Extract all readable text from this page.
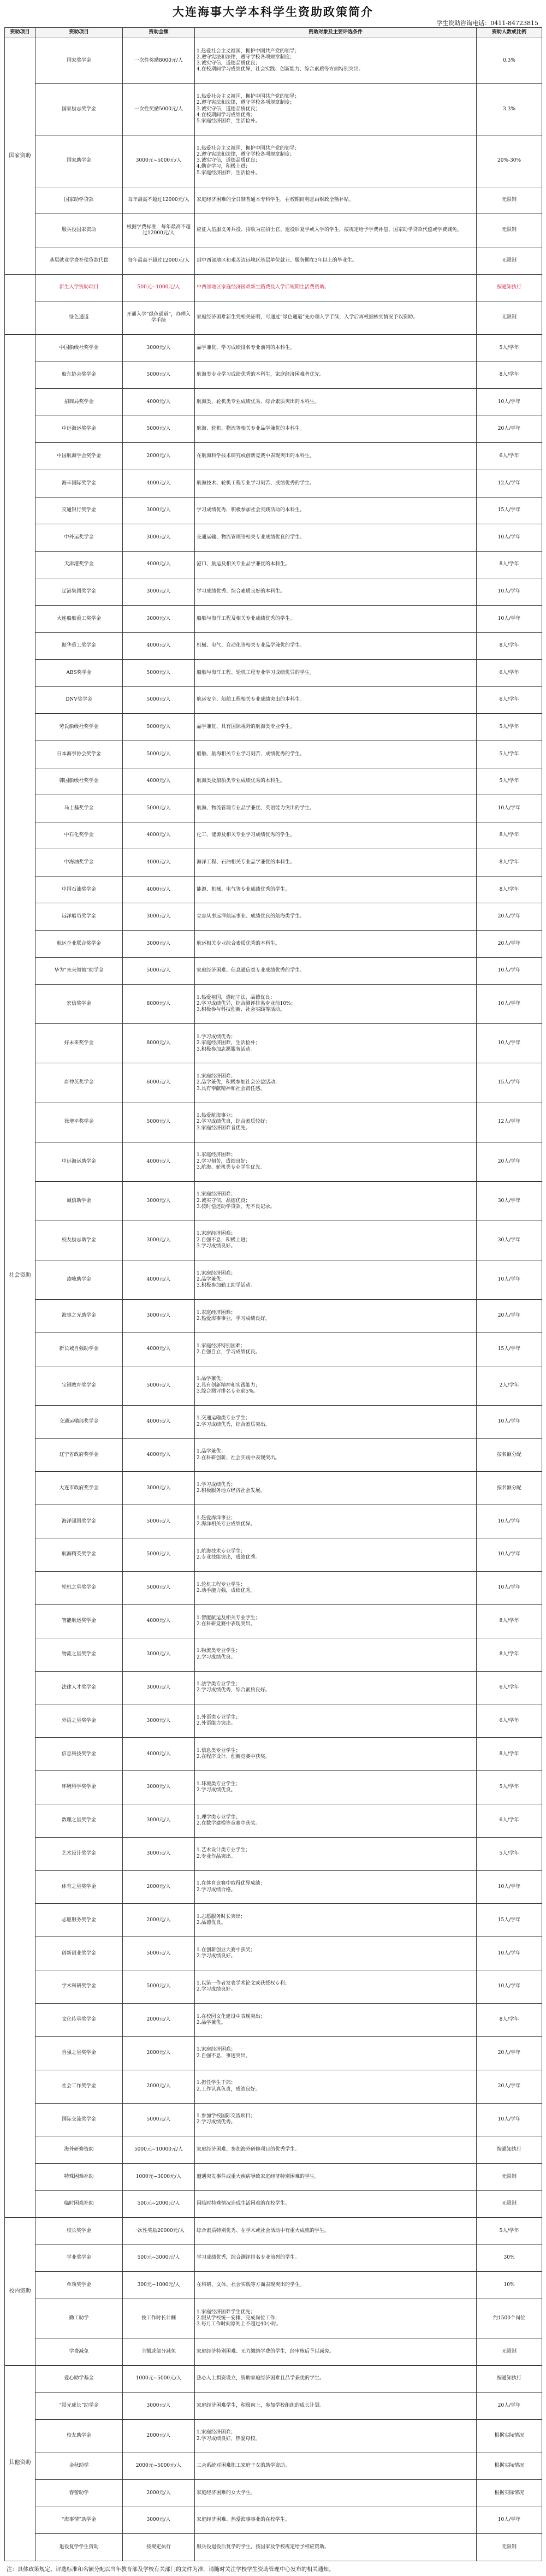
大连海事大学本科学生资助政策简介
学生资助咨询电话：0411-84723815
资助项目	资助项目	资助金额	资助对象及主要评选条件	资助人数或比例
国家资助	国家奖学金	一次性奖励8000元/人	1.热爱社会主义祖国，拥护中国共产党的领导；
2.遵守宪法和法律，遵守学校各项规章制度；
3.诚实守信，道德品质优良；
4.在校期间学习成绩优异，社会实践、创新能力、综合素质等方面特别突出。	0.3%
	国家励志奖学金	一次性奖励5000元/人	1.热爱社会主义祖国，拥护中国共产党的领导；
2.遵守宪法和法律，遵守学校各项规章制度；
3.诚实守信，道德品质优良；
4.在校期间学习成绩优秀；
5.家庭经济困难，生活俭朴。	3.3%
	国家助学金	3000元~5000元/人	1.热爱社会主义祖国，拥护中国共产党的领导；
2.遵守宪法和法律，遵守学校各项规章制度；
3.诚实守信，道德品质优良；
4.勤奋学习，积极上进；
5.家庭经济困难，生活俭朴。	20%-30%
	国家助学贷款	每年最高不超过12000元/人	家庭经济困难的全日制普通本专科学生，在校期间利息由财政全额补贴。	无限制
	服兵役国家资助	根据学费标准，每年最高不超过12000元/人	应征入伍服义务兵役、招收为直招士官、退役后复学或入学的学生，按规定给予学费补偿、国家助学贷款代偿或学费减免。	无限制
	基层就业学费补偿贷款代偿	每年最高不超过12000元/人	到中西部地区和艰苦边远地区基层单位就业、服务期在3年以上的毕业生。	无限制
	新生入学资助项目	500元~1000元/人	中西部地区家庭经济困难新生路费及入学后短期生活费资助。	按通知执行
	绿色通道	开通入学“绿色通道”，办理入学手续	家庭经济困难新生凭相关证明，可通过“绿色通道”先办理入学手续，入学后再根据核实情况予以资助。	无限制
社会资助	中国船级社奖学金	3000元/人	品学兼优、学习成绩排名专业前列的本科生。	5人/学年
	船东协会奖学金	5000元/人	航海类专业学习成绩优秀的本科生，家庭经济困难者优先。	8人/学年
	招商局奖学金	4000元/人	航海类、轮机类专业成绩优秀、综合素质突出的本科生。	10人/学年
	中远海运奖学金	5000元/人	航海、轮机、物流等相关专业品学兼优的本科生。	20人/学年
	中国航海学会奖学金	2000元/人	在航海科学技术研究或创新竞赛中表现突出的本科生。	6人/学年
	海丰国际奖学金	4000元/人	航海技术、轮机工程专业学习刻苦、成绩优秀的学生。	12人/学年
	交通银行奖学金	3000元/人	学习成绩优秀，积极参加社会实践活动的本科生。	15人/学年
	中外运奖学金	3000元/人	交通运输、物流管理等相关专业成绩优良的学生。	10人/学年
	天津港奖学金	4000元/人	港口、航运及相关专业品学兼优的本科生。	8人/学年
	辽港集团奖学金	3000元/人	学习成绩优秀、综合素质良好的本科生。	10人/学年
	大连船舶重工奖学金	3000元/人	船舶与海洋工程及相关专业成绩优秀的学生。	10人/学年
	振华重工奖学金	4000元/人	机械、电气、自动化等相关专业品学兼优的学生。	8人/学年
	ABS奖学金	5000元/人	船舶与海洋工程、轮机工程专业学习成绩优异的学生。	6人/学年
	DNV奖学金	5000元/人	航运安全、船舶工程相关专业成绩突出的本科生。	6人/学年
	劳氏船级社奖学金	5000元/人	品学兼优、具有国际视野的航海类专业学生。	5人/学年
	日本海事协会奖学金	5000元/人	船舶、航海相关专业学习刻苦、成绩优秀的学生。	5人/学年
	韩国船级社奖学金	4000元/人	航海类及船舶类专业成绩优秀的本科生。	5人/学年
	马士基奖学金	5000元/人	航海、物流管理专业品学兼优、英语能力突出的学生。	10人/学年
	中石化奖学金	4000元/人	化工、能源及相关专业学习成绩优秀的学生。	8人/学年
	中海油奖学金	4000元/人	海洋工程、石油相关专业品学兼优的本科生。	8人/学年
	中国石油奖学金	4000元/人	能源、机械、电气等专业成绩优秀的学生。	8人/学年
	远洋船员奖学金	3000元/人	立志从事远洋航运事业、成绩优良的航海类学生。	20人/学年
	航运企业联合奖学金	3000元/人	航运相关专业综合素质优秀的本科生。	20人/学年
	华为“未来领袖”助学金	5000元/人	家庭经济困难、信息通信类专业成绩优秀的学生。	10人/学年
	宏信奖学金	8000元/人	1.热爱祖国，遵纪守法，品德优良；
2.学习成绩优异，综合测评排名专业前10%；
3.积极参与科技创新、社会实践等活动。	10人/学年
	好未来奖学金	8000元/人	1.学习成绩优秀；
2.家庭经济困难，生活俭朴；
3.积极参加志愿服务活动。	10人/学年
	唐仲英奖学金	6000元/人	1.家庭经济困难；
2.品学兼优，积极参加社会公益活动；
3.具有奉献精神和社会责任感。	15人/学年
	徐增平奖学金	5000元/人	1.热爱航海事业；
2.学习成绩优良，综合素质较好；
3.家庭经济困难者优先。	12人/学年
	中远海运助学金	4000元/人	1.家庭经济困难；
2.学习刻苦，成绩良好；
3.航海、轮机类专业学生优先。	20人/学年
	诚信助学金	3000元/人	1.家庭经济困难；
2.诚实守信，品德优良；
3.按时偿还助学贷款，无不良记录。	30人/学年
	校友励志助学金	3000元/人	1.家庭经济困难；
2.自强不息，积极上进；
3.学习成绩良好。	30人/学年
	凌峰助学金	4000元/人	1.家庭经济困难；
2.品学兼优；
3.积极参加勤工助学活动。	10人/学年
	海事之光助学金	3000元/人	1.家庭经济困难；
2.热爱海事事业，学习成绩良好。	20人/学年
	新长城自强助学金	4000元/人	1.家庭经济特别困难；
2.自强自立，学习成绩优良。	15人/学年
	宝钢教育奖学金	5000元/人	1.品学兼优；
2.具有创新精神和实践能力；
3.综合测评排名专业前5%。	2人/学年
	交通运输部奖学金	4000元/人	1.交通运输类专业学生；
2.学习成绩优秀，综合素质突出。	10人/学年
	辽宁省政府奖学金	4000元/人	1.品学兼优；
2.在科研创新、社会实践中表现突出。	按名额分配
	大连市政府奖学金	3000元/人	1.学习成绩优秀；
2.积极服务地方经济社会发展。	按名额分配
	海洋强国奖学金	5000元/人	1.热爱海洋事业；
2.海洋相关专业成绩优异。	10人/学年
	航海精英奖学金	5000元/人	1.航海技术专业学生；
2.专业技能突出，成绩优秀。	10人/学年
	轮机之星奖学金	5000元/人	1.轮机工程专业学生；
2.动手能力强，成绩优秀。	10人/学年
	智能航运奖学金	4000元/人	1.智能航运及相关专业学生；
2.在科研竞赛中表现突出。	8人/学年
	物流之星奖学金	3000元/人	1.物流类专业学生；
2.学习成绩优良。	8人/学年
	法律人才奖学金	3000元/人	1.法学类专业学生；
2.学习成绩优秀，综合素质良好。	6人/学年
	外语之星奖学金	3000元/人	1.外语类专业学生；
2.外语能力突出。	6人/学年
	信息科技奖学金	4000元/人	1.信息类专业学生；
2.在程序设计、创新竞赛中获奖。	8人/学年
	环境科学奖学金	3000元/人	1.环境类专业学生；
2.学习成绩优良。	5人/学年
	数理之星奖学金	3000元/人	1.理学类专业学生；
2.在数学建模等竞赛中获奖。	6人/学年
	艺术设计奖学金	3000元/人	1.艺术设计类专业学生；
2.专业作品突出。	5人/学年
	体育之星奖学金	2000元/人	1.在体育竞赛中取得优异成绩；
2.学习成绩合格。	10人/学年
	志愿服务奖学金	2000元/人	1.志愿服务时长突出；
2.品德优良。	15人/学年
	创新创业奖学金	5000元/人	1.在创新创业大赛中获奖；
2.学习成绩良好。	10人/学年
	学术科研奖学金	5000元/人	1.以第一作者发表学术论文或获授权专利；
2.学习成绩良好。	10人/学年
	文化传承奖学金	2000元/人	1.在校园文化建设中表现突出；
2.品学兼优。	8人/学年
	自强之星奖学金	2000元/人	1.家庭经济困难；
2.自强不息，事迹突出。	20人/学年
	社会工作奖学金	2000元/人	1.担任学生干部；
2.工作认真负责，成绩良好。	20人/学年
	国际交流奖学金	5000元/人	1.参加学校国际交流项目；
2.学习成绩优秀。	10人/学年
	海外研修资助	5000元~10000元/人	家庭经济困难、参加海外研修项目的优秀学生。	按通知执行
	特殊困难补助	1000元~3000元/人	遭遇突发事件或重大疾病导致家庭经济特别困难的学生。	无限制
	临时困难补助	500元~2000元/人	因临时特殊情况造成生活困难的在校学生。	无限制
校内资助	校长奖学金	一次性奖励20000元/人	综合素质特别优秀、在学术或社会活动中有重大成就的学生。	5人/学年
	学业奖学金	500元~3000元/人	学习成绩优秀，综合测评排名专业前列的学生。	30%
	单项奖学金	300元~1000元/人	在科研、文体、社会实践等方面表现突出的学生。	10%
	勤工助学	按工作时长计酬	1.家庭经济困难学生优先；
2.服从学校统一安排，完成岗位工作；
3.每月工作时间原则上不超过40小时。	约1500个岗位
	学费减免	全额或部分减免	家庭经济特别困难、无力缴纳学费的学生，经审核后予以减免。	无限制
其他资助	爱心助学基金	1000元~5000元/人	热心人士捐资设立，资助家庭经济困难且品学兼优的学生。	按通知执行
	“阳光成长”助学金	3000元/人	家庭经济困难学生，积极向上，参加学校组织的成长计划。	20人/学年
	校友助学金	2000元/人	1.家庭经济困难；
2.学习成绩良好，热爱母校。	根据实际情况
	金秋助学	2000元~5000元/人	工会系统对困难职工家庭子女的助学资助。	根据实际情况
	春蕾助学	2000元/人	家庭经济困难的女大学生。	根据实际情况
	“海事情”助学金	3000元/人	家庭经济困难、热爱海事事业的在校学生。	10人/学年
	退役复学学生资助	按规定执行	服兵役退役后复学的学生，按国家及学校规定给予相应资助。	无限制
注：具体政策规定、评选标准和名额分配以当年教育部及学校有关部门的文件为准，请随时关注学校学生资助管理中心发布的相关通知。
